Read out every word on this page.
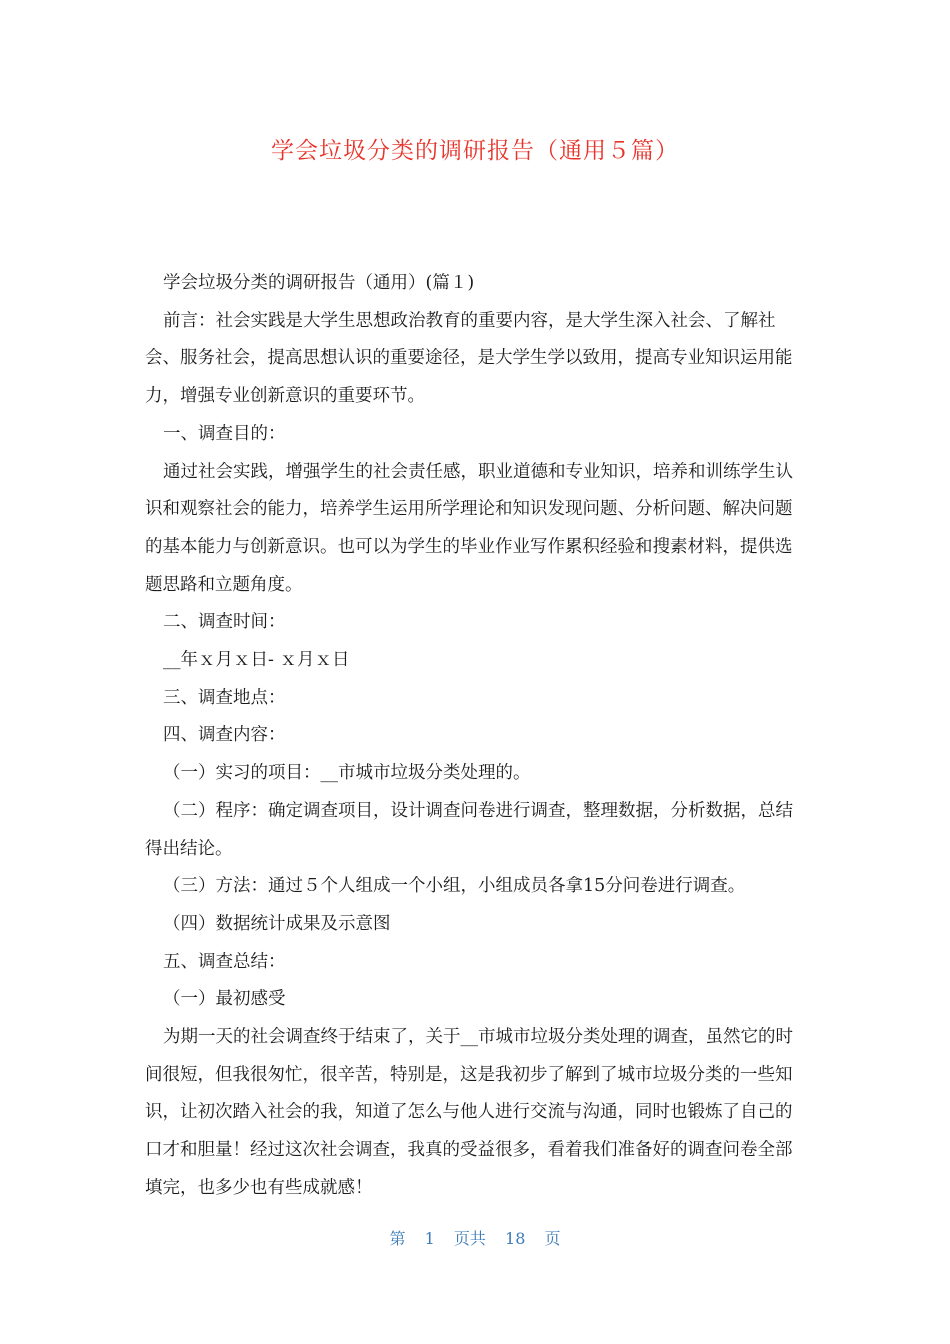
学会垃圾分类的调研报告（通用５篇）

学会垃圾分类的调研报告（通用）(篇１)

前言：社会实践是大学生思想政治教育的重要内容，是大学生深入社会、了解社会、服务社会，提高思想认识的重要途径，是大学生学以致用，提高专业知识运用能力，增强专业创新意识的重要环节。

一、调查目的：

通过社会实践，增强学生的社会责任感，职业道德和专业知识，培养和训练学生认识和观察社会的能力，培养学生运用所学理论和知识发现问题、分析问题、解决问题的基本能力与创新意识。也可以为学生的毕业作业写作累积经验和搜素材料，提供选题思路和立题角度。

二、调查时间：

__年ｘ月ｘ日- ｘ月ｘ日

三、调查地点：

四、调查内容：

（一）实习的项目：__市城市垃圾分类处理的。

（二）程序：确定调查项目，设计调查问卷进行调查，整理数据，分析数据，总结得出结论。

（三）方法：通过５个人组成一个小组，小组成员各拿15分问卷进行调查。

（四）数据统计成果及示意图

五、调查总结：

（一）最初感受

为期一天的社会调查终于结束了，关于__市城市垃圾分类处理的调查，虽然它的时间很短，但我很匆忙，很辛苦，特别是，这是我初步了解到了城市垃圾分类的一些知识，让初次踏入社会的我，知道了怎么与他人进行交流与沟通，同时也锻炼了自己的口才和胆量！经过这次社会调查，我真的受益很多，看着我们准备好的调查问卷全部填完，也多少也有些成就感！

第 1 页共 18 页
